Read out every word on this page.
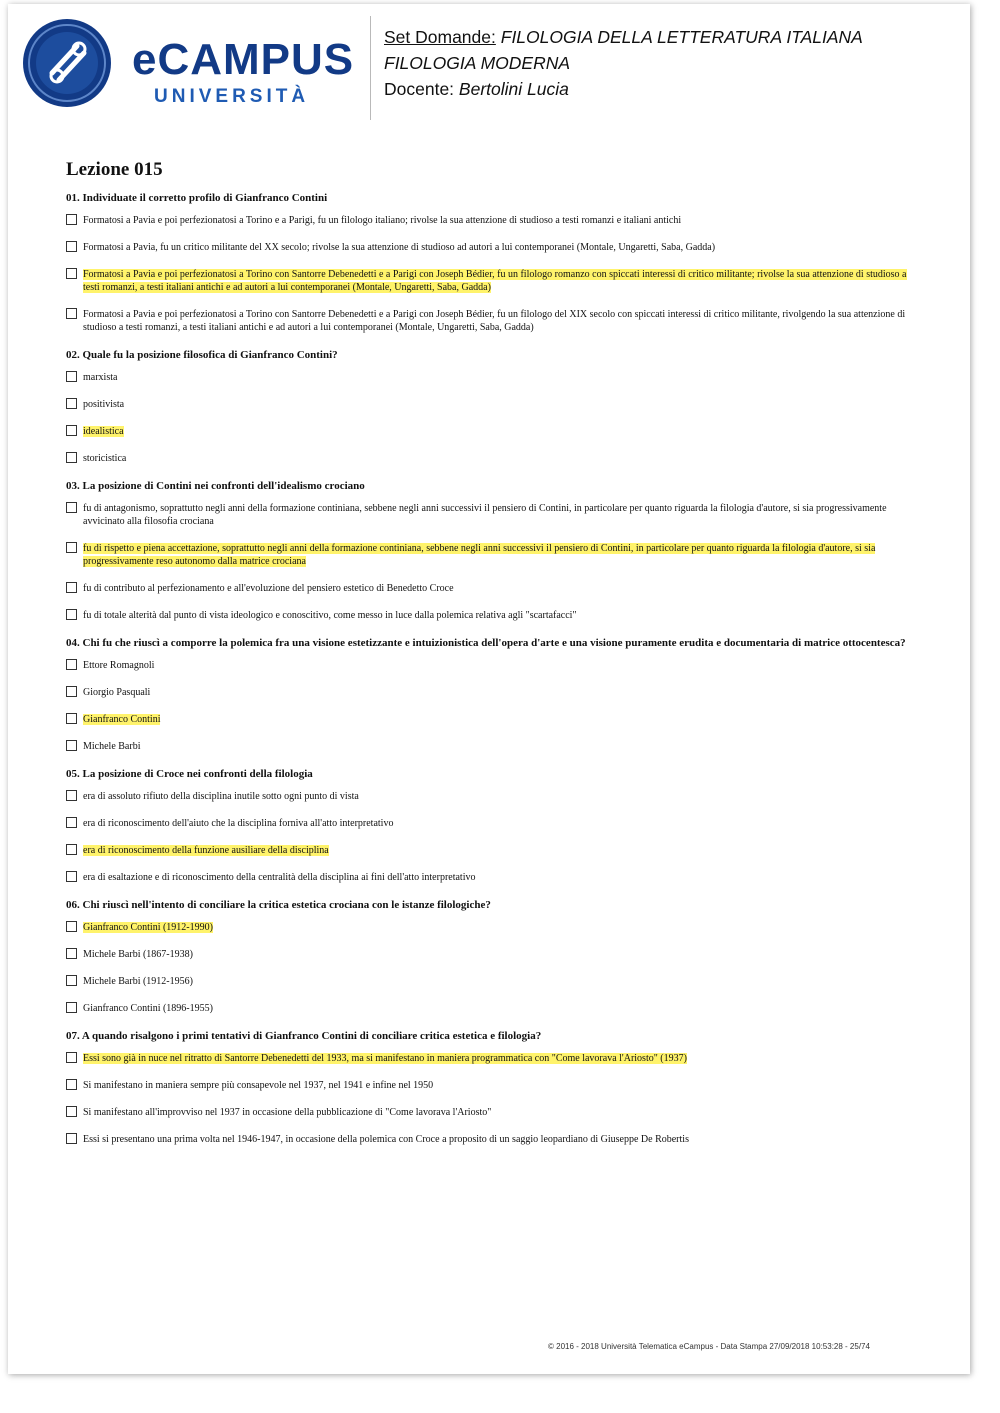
eCAMPUS
UNIVERSITÀ
Set Domande: FILOLOGIA DELLA LETTERATURA ITALIANA
FILOLOGIA MODERNA
Docente: Bertolini Lucia
Lezione 015
01. Individuate il corretto profilo di Gianfranco Contini
Formatosi a Pavia e poi perfezionatosi a Torino e a Parigi, fu un filologo italiano; rivolse la sua attenzione di studioso a testi romanzi e italiani antichi
Formatosi a Pavia, fu un critico militante del XX secolo; rivolse la sua attenzione di studioso ad autori a lui contemporanei (Montale, Ungaretti, Saba, Gadda)
Formatosi a Pavia e poi perfezionatosi a Torino con Santorre Debenedetti e a Parigi con Joseph Bédier, fu un filologo romanzo con spiccati interessi di critico militante; rivolse la sua attenzione di studioso a testi romanzi, a testi italiani antichi e ad autori a lui contemporanei (Montale, Ungaretti, Saba, Gadda)
Formatosi a Pavia e poi perfezionatosi a Torino con Santorre Debenedetti e a Parigi con Joseph Bédier, fu un filologo del XIX secolo con spiccati interessi di critico militante, rivolgendo la sua attenzione di studioso a testi romanzi, a testi italiani antichi e ad autori a lui contemporanei (Montale, Ungaretti, Saba, Gadda)
02. Quale fu la posizione filosofica di Gianfranco Contini?
marxista
positivista
idealistica
storicistica
03. La posizione di Contini nei confronti dell'idealismo crociano
fu di antagonismo, soprattutto negli anni della formazione continiana, sebbene negli anni successivi il pensiero di Contini, in particolare per quanto riguarda la filologia d'autore, si sia progressivamente avvicinato alla filosofia crociana
fu di rispetto e piena accettazione, soprattutto negli anni della formazione continiana, sebbene negli anni successivi il pensiero di Contini, in particolare per quanto riguarda la filologia d'autore, si sia progressivamente reso autonomo dalla matrice crociana
fu di contributo al perfezionamento e all'evoluzione del pensiero estetico di Benedetto Croce
fu di totale alterità dal punto di vista ideologico e conoscitivo, come messo in luce dalla polemica relativa agli "scartafacci"
04. Chi fu che riuscì a comporre la polemica fra una visione estetizzante e intuizionistica dell'opera d'arte e una visione puramente erudita e documentaria di matrice ottocentesca?
Ettore Romagnoli
Giorgio Pasquali
Gianfranco Contini
Michele Barbi
05. La posizione di Croce nei confronti della filologia
era di assoluto rifiuto della disciplina inutile sotto ogni punto di vista
era di riconoscimento dell'aiuto che la disciplina forniva all'atto interpretativo
era di riconoscimento della funzione ausiliare della disciplina
era di esaltazione e di riconoscimento della centralità della disciplina ai fini dell'atto interpretativo
06. Chi riuscì nell'intento di conciliare la critica estetica crociana con le istanze filologiche?
Gianfranco Contini (1912-1990)
Michele Barbi (1867-1938)
Michele Barbi (1912-1956)
Gianfranco Contini (1896-1955)
07. A quando risalgono i primi tentativi di Gianfranco Contini di conciliare critica estetica e filologia?
Essi sono già in nuce nel ritratto di Santorre Debenedetti del 1933, ma si manifestano in maniera programmatica con "Come lavorava l'Ariosto" (1937)
Si manifestano in maniera sempre più consapevole nel 1937, nel 1941 e infine nel 1950
Si manifestano all'improvviso nel 1937 in occasione della pubblicazione di "Come lavorava l'Ariosto"
Essi si presentano una prima volta nel 1946-1947, in occasione della polemica con Croce a proposito di un saggio leopardiano di Giuseppe De Robertis
© 2016 - 2018 Università Telematica eCampus - Data Stampa 27/09/2018 10:53:28 - 25/74
